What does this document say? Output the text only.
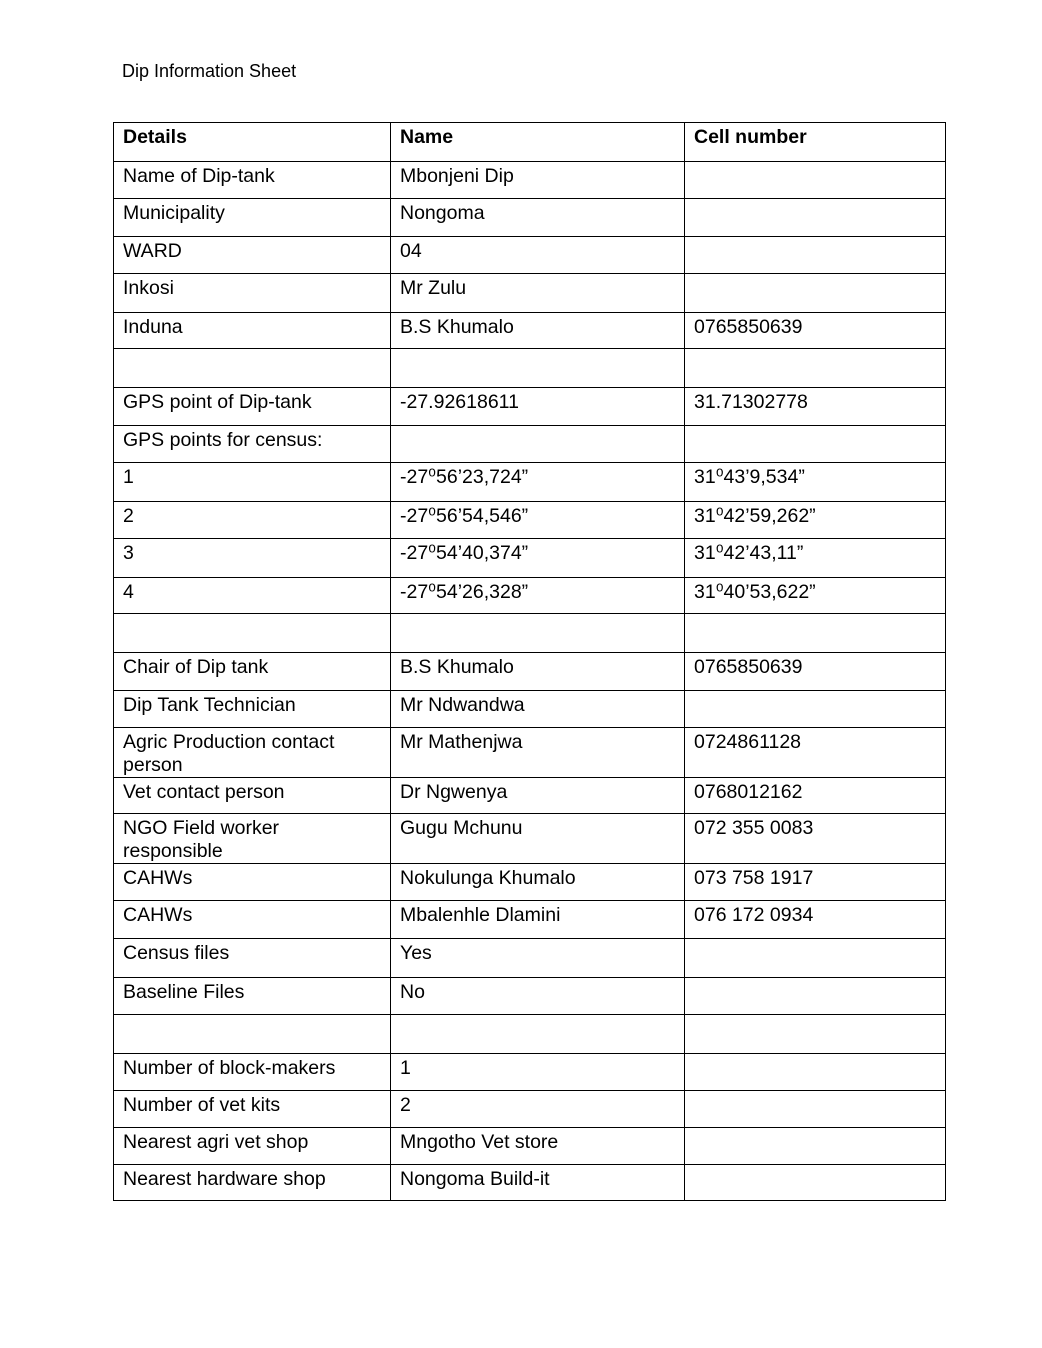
Dip Information Sheet
Details	Name	Cell number
Name of Dip-tank	Mbonjeni Dip	
Municipality	Nongoma	
WARD	04	
Inkosi	Mr Zulu	
Induna	B.S Khumalo	0765850639

GPS point of Dip-tank	-27.92618611	31.71302778
GPS points for census:		
1	-27⁰56’23,724”	31⁰43’9,534”
2	-27⁰56’54,546”	31⁰42’59,262”
3	-27⁰54’40,374”	31⁰42’43,11”
4	-27⁰54’26,328”	31⁰40’53,622”

Chair of Dip tank	B.S Khumalo	0765850639
Dip Tank Technician	Mr Ndwandwa	
Agric Production contact person	Mr Mathenjwa	0724861128
Vet contact person	Dr Ngwenya	0768012162
NGO Field worker responsible	Gugu Mchunu	072 355 0083
CAHWs	Nokulunga Khumalo	073 758 1917
CAHWs	Mbalenhle Dlamini	076 172 0934
Census files	Yes	
Baseline Files	No	

Number of block-makers	1	
Number of vet kits	2	
Nearest agri vet shop	Mngotho Vet store	
Nearest hardware shop	Nongoma Build-it	
